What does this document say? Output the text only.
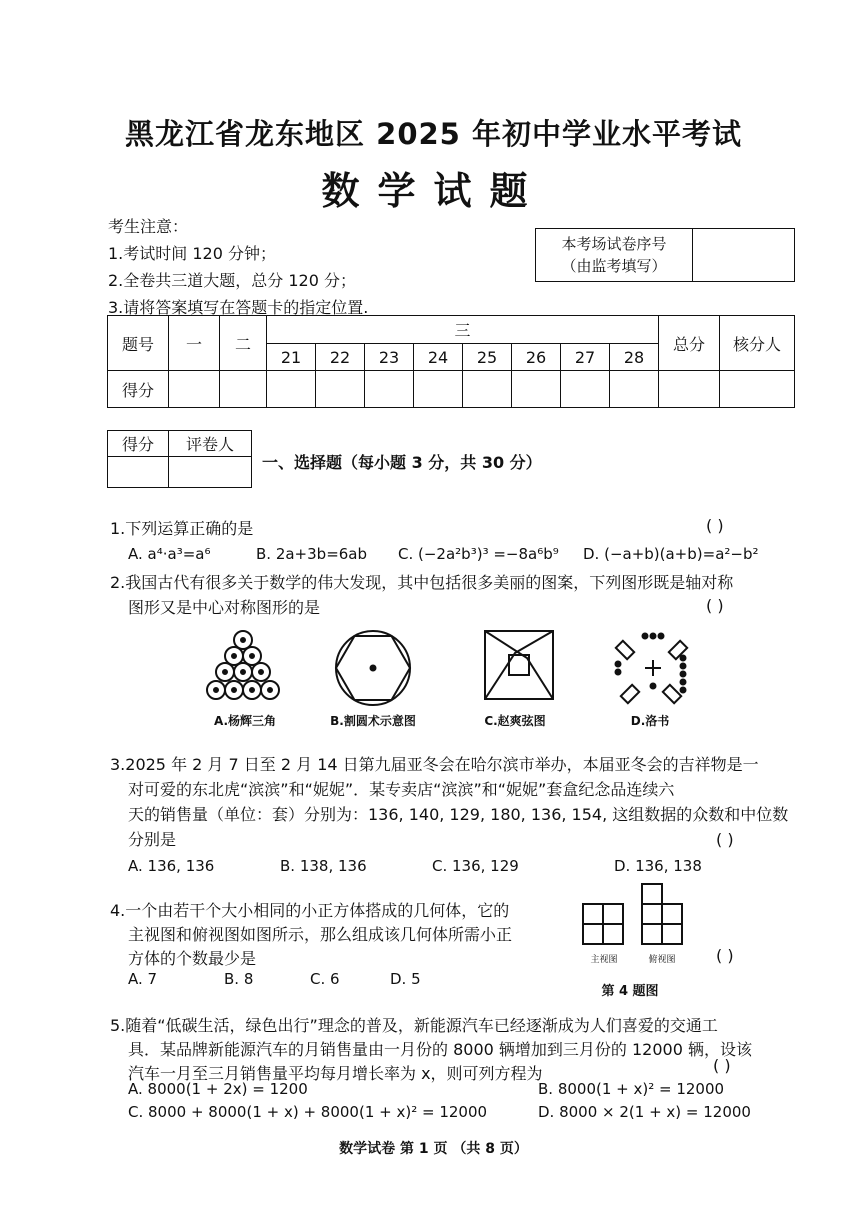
黑龙江省龙东地区 2025 年初中学业水平考试
数学试题
考生注意：
1.考试时间 120 分钟；
2.全卷共三道大题，总分 120 分；
3.请将答案填写在答题卡的指定位置.
本考场试卷序号
（由监考填写）

题号	一	二	三								总分	核分人
			21	22	23	24	25	26	27	28		
得分												
得分	评卷人

一、选择题（每小题 3 分，共 30 分）
1.下列运算正确的是	( )
A. a⁴·a³=a⁶	B. 2a+3b=6ab C. (−2a²b³)³ =−8a⁶b⁹ D. (−a+b)(a+b)=a²−b²
2.我国古代有很多关于数学的伟大发现，其中包括很多美丽的图案，下列图形既是轴对称
图形又是中心对称图形的是	( )
A.杨辉三角	B.割圆术示意图	C.赵爽弦图	D.洛书
3.2025 年 2 月 7 日至 2 月 14 日第九届亚冬会在哈尔滨市举办，本届亚冬会的吉祥物是一
对可爱的东北虎“滨滨”和“妮妮”．某专卖店“滨滨”和“妮妮”套盒纪念品连续六
天的销售量（单位：套）分别为：136, 140, 129, 180, 136, 154, 这组数据的众数和中位数
分别是	( )
A. 136, 136	B. 138, 136	C. 136, 129	D. 136, 138
4.一个由若干个大小相同的小正方体搭成的几何体，它的
主视图和俯视图如图所示，那么组成该几何体所需小正
方体的个数最少是
A. 7	B. 8	C. 6	D. 5
( )
主视图	俯视图
第 4 题图
5.随着“低碳生活，绿色出行”理念的普及，新能源汽车已经逐渐成为人们喜爱的交通工
具．某品牌新能源汽车的月销售量由一月份的 8000 辆增加到三月份的 12000 辆，设该
汽车一月至三月销售量平均每月增长率为 x，则可列方程为	( )
A. 8000(1 + 2x) = 1200	B. 8000(1 + x)² = 12000
C. 8000 + 8000(1 + x) + 8000(1 + x)² = 12000	D. 8000 × 2(1 + x) = 12000
数学试卷 第 1 页 （共 8 页）
